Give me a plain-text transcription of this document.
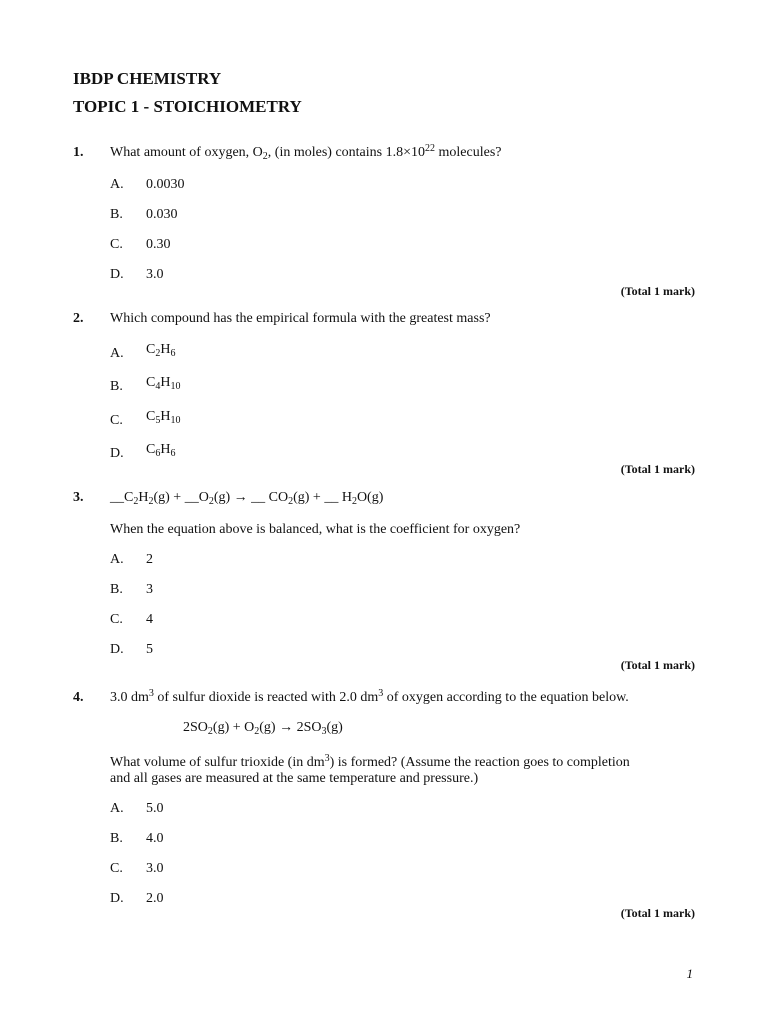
IBDP CHEMISTRY
TOPIC 1 - STOICHIOMETRY
1. What amount of oxygen, $O_2$, (in moles) contains $1.8\times 10^{22}$ molecules?
A. 0.0030
B. 0.030
C. 0.30
D. 3.0
(Total 1 mark)
2. Which compound has the empirical formula with the greatest mass?
A. $C_2H_6$
B. $C_4H_{10}$
C. $C_5H_{10}$
D. $C_6H_6$
(Total 1 mark)
3. $\_\_C_2H_2(g)$ + $\_\_O_2(g)$ → __ $CO_2(g)$ + __ $H_2O(g)$
When the equation above is balanced, what is the coefficient for oxygen?
A. 2
B. 3
C. 4
D. 5
(Total 1 mark)
4. 3.0 $dm^3$ of sulfur dioxide is reacted with 2.0 $dm^3$ of oxygen according to the equation below.
$2SO_2(g) + O_2(g) \to 2SO_3(g)$
What volume of sulfur trioxide (in $dm^3$) is formed? (Assume the reaction goes to completion
and all gases are measured at the same temperature and pressure.)
A. 5.0
B. 4.0
C. 3.0
D. 2.0
(Total 1 mark)
1
